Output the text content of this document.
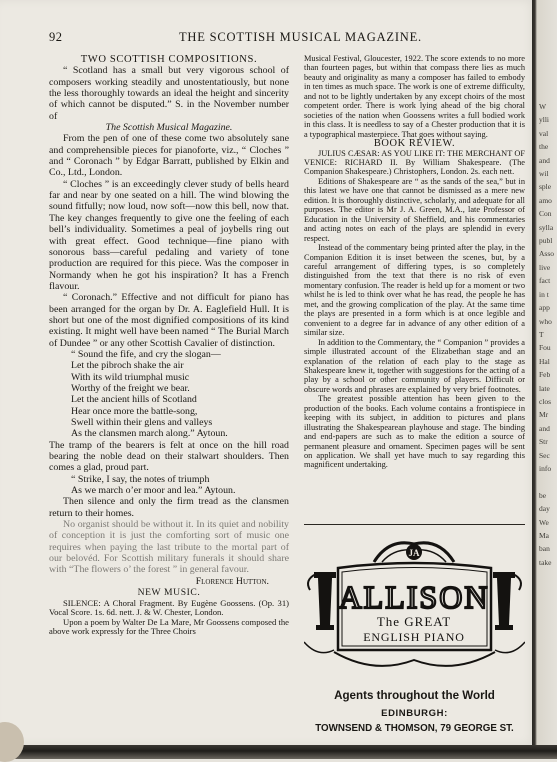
W
ylli
val
the
and
wil
sple
amo
Con
sylla
publ
Asso
live
fact
in t
app
who
T
Fou
Hal
Feb
late
clos
Mr
and
Str
Sec
info

be
day
We
Ma
ban
take
92	THE SCOTTISH MUSICAL MAGAZINE.

TWO SCOTTISH COMPOSITIONS.

“ Scotland has a small but very vigorous school of composers working steadily and unostentatiously, but none the less thoroughly towards an ideal the height and sincerity of which cannot be disputed.” S. in the November number of

The Scottish Musical Magazine.

From the pen of one of these come two absolutely sane and comprehensible pieces for pianoforte, viz., “ Cloches ” and “ Coronach ” by Edgar Barratt, published by Elkin and Co., Ltd., London.

“ Cloches ” is an exceedingly clever study of bells heard far and near by one seated on a hill. The wind blowing the sound fitfully; now loud, now soft—now this bell, now that. The key changes frequently to give one the feeling of each bell’s individuality. Sometimes a peal of joybells ring out with great effect. Good technique—fine piano with sonorous bass—careful pedaling and variety of tone production are required for this piece. Was the composer in Normandy when he got his inspiration? It has a French flavour.

“ Coronach.” Effective and not difficult for piano has been arranged for the organ by Dr. A. Eaglefield Hull. It is short but one of the most dignified compositions of its kind existing. It might well have been named “ The Burial March of Dundee ” or any other Scottish Cavalier of distinction.

“ Sound the fife, and cry the slogan—
Let the pibroch shake the air
With its wild triumphal music
Worthy of the freight we bear.
Let the ancient hills of Scotland
Hear once more the battle-song,
Swell within their glens and valleys
As the clansmen march along.” Aytoun.

The tramp of the bearers is felt at once on the hill road bearing the noble dead on their stalwart shoulders. Then comes a glad, proud part.

“ Strike, I say, the notes of triumph
As we march o’er moor and lea.” Aytoun.

Then silence and only the firm tread as the clansmen return to their homes.

No organist should be without it. In its quiet and nobility of conception it is just the comforting sort of music one requires when paying the last tribute to the mortal part of our belovéd. For Scottish military funerals it should share with “The flowers o’ the forest ” in general favour.

Florence Hutton.

NEW MUSIC.

SILENCE: A Choral Fragment. By Eugène Goossens. (Op. 31) Vocal Score. 1s. 6d. nett. J. & W. Chester, London.

Upon a poem by Walter De La Mare, Mr Goossens composed the above work expressly for the Three Choirs

Musical Festival, Gloucester, 1922. The score extends to no more than fourteen pages, but within that compass there lies as much beauty and originality as many a composer has failed to embody in ten times as much space. The work is one of extreme difficulty, and not to be lightly undertaken by any except choirs of the most competent order. There is work lying ahead of the big choral societies of the nation when Goossens writes a full bodied work in this class. It is needless to say of a Chester production that it is a typographical masterpiece. That goes without saying.

BOOK REVIEW.

JULIUS CÆSAR: AS YOU LIKE IT: THE MERCHANT OF VENICE: RICHARD II. By William Shakespeare. (The Companion Shakespeare.) Christophers, London. 2s. each nett.

Editions of Shakespeare are “ as the sands of the sea,” but in this latest we have one that cannot be dismissed as a mere new edition. It is thoroughly distinctive, scholarly, and adequate for all purposes. The editor is Mr J. A. Green, M.A., late Professor of Education in the University of Sheffield, and his commentaries and acting notes on each of the plays are splendid in every respect.

Instead of the commentary being printed after the play, in the Companion Edition it is inset between the scenes, but, by a careful arrangement of differing types, is so completely distinguished from the text that there is no risk of even momentary confusion. The reader is held up for a moment or two whilst he is led to think over what he has read, the people he has met, and the growing complication of the play. At the same time the plays are presented in a form which is at once legible and convenient to a degree far in advance of any other edition of a similar size.

In addition to the Commentary, the “ Companion ” provides a simple illustrated account of the Elizabethan stage and an explanation of the relation of each play to the stage as Shakespeare knew it, together with suggestions for the acting of a play by a school or other community of players. Difficult or obscure words and phrases are explained by very brief footnotes.

The greatest possible attention has been given to the production of the books. Each volume contains a frontispiece in keeping with its subject, in addition to pictures and plans illustrating the Shakespearean playhouse and stage. The binding and end-papers are such as to make the edition a source of permanent pleasure and ornament. Specimen pages will be sent on application. We shall yet have much to say regarding this magnificent undertaking.

JA
ALLISON
The GREAT
ENGLISH PIANO
Agents throughout the World
EDINBURGH:
TOWNSEND & THOMSON, 79 GEORGE ST.
